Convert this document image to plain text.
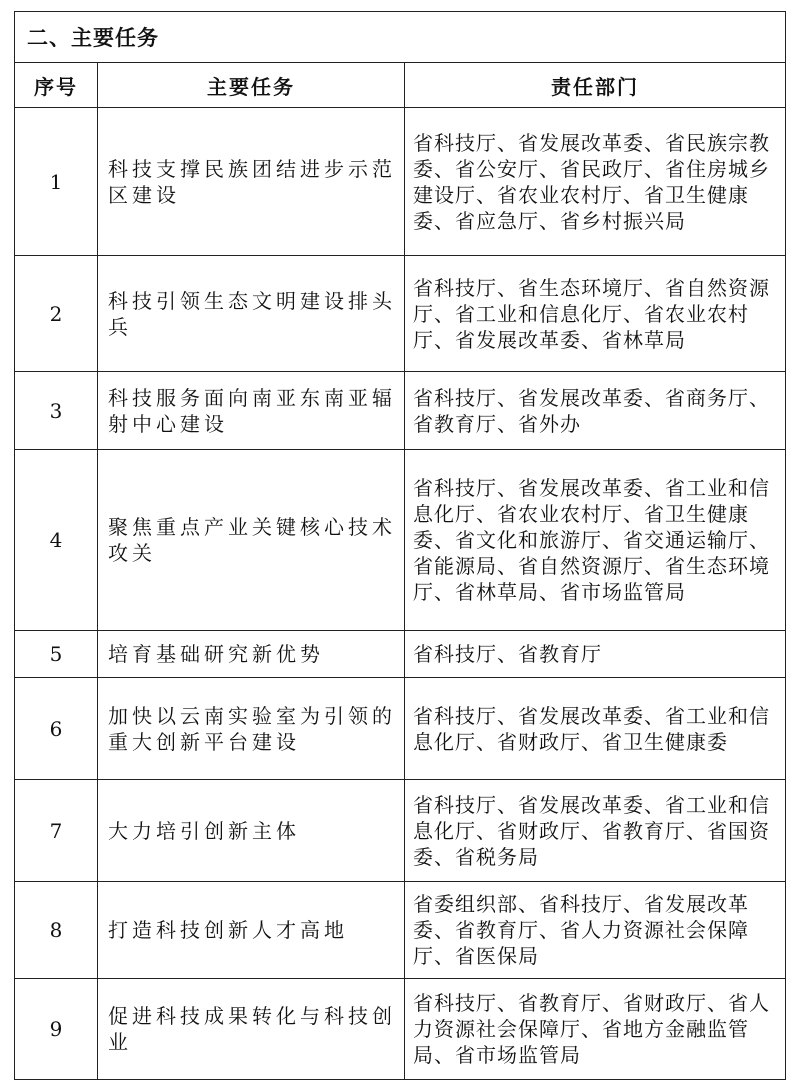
二、主要任务		
序号	主要任务	责任部门
1	科技支撑民族团结进步示范区建设	省科技厅、省发展改革委、省民族宗教委、省公安厅、省民政厅、省住房城乡建设厅、省农业农村厅、省卫生健康委、省应急厅、省乡村振兴局
2	科技引领生态文明建设排头兵	省科技厅、省生态环境厅、省自然资源厅、省工业和信息化厅、省农业农村厅、省发展改革委、省林草局
3	科技服务面向南亚东南亚辐射中心建设	省科技厅、省发展改革委、省商务厅、省教育厅、省外办
4	聚焦重点产业关键核心技术攻关	省科技厅、省发展改革委、省工业和信息化厅、省农业农村厅、省卫生健康委、省文化和旅游厅、省交通运输厅、省能源局、省自然资源厅、省生态环境厅、省林草局、省市场监管局
5	培育基础研究新优势	省科技厅、省教育厅
6	加快以云南实验室为引领的重大创新平台建设	省科技厅、省发展改革委、省工业和信息化厅、省财政厅、省卫生健康委
7	大力培引创新主体	省科技厅、省发展改革委、省工业和信息化厅、省财政厅、省教育厅、省国资委、省税务局
8	打造科技创新人才高地	省委组织部、省科技厅、省发展改革委、省教育厅、省人力资源社会保障厅、省医保局
9	促进科技成果转化与科技创业	省科技厅、省教育厅、省财政厅、省人力资源社会保障厅、省地方金融监管局、省市场监管局
